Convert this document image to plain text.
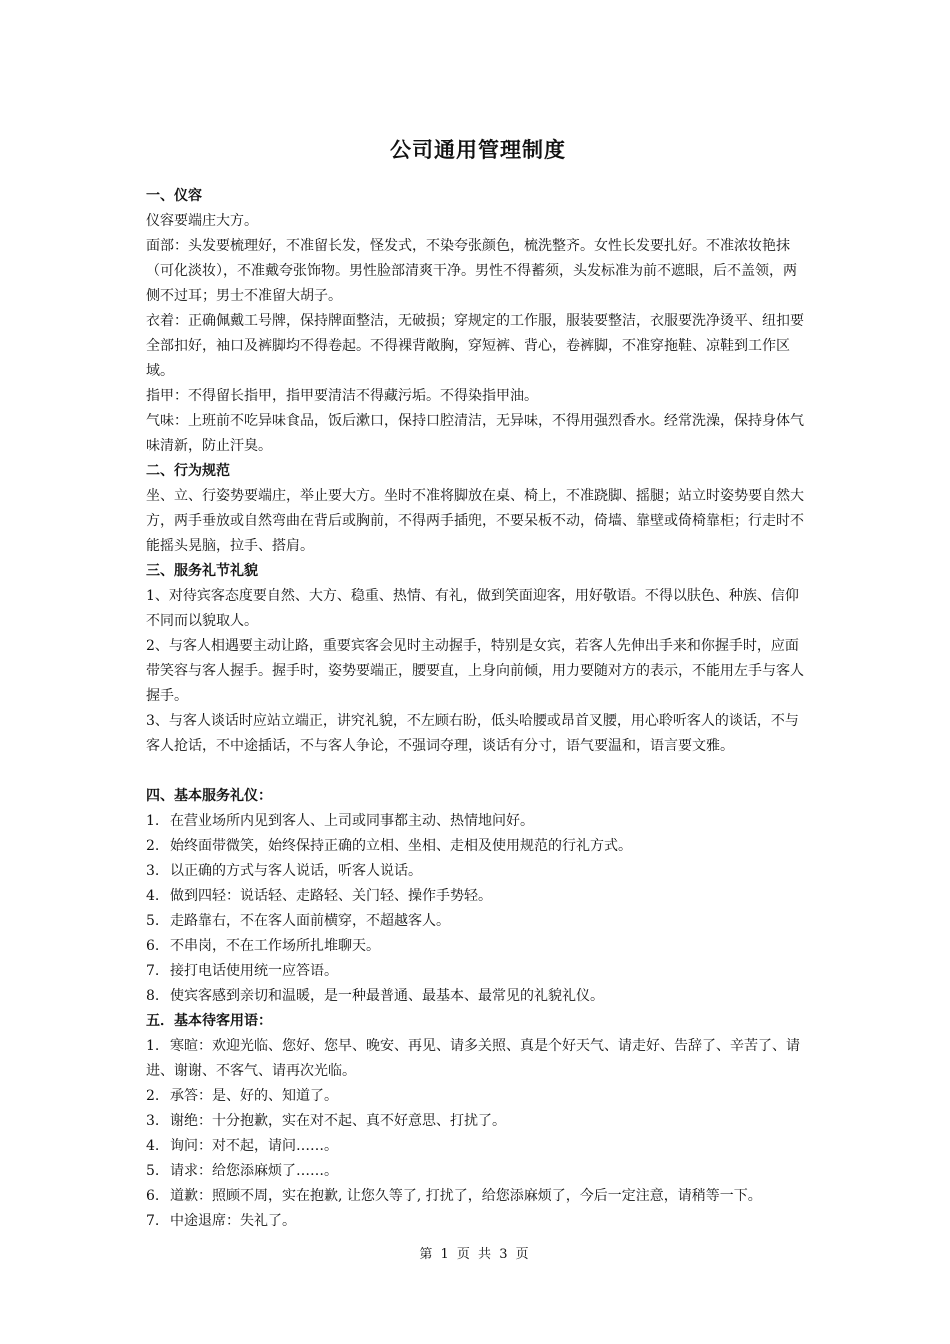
公司通用管理制度

一、仪容

仪容要端庄大方。

面部：头发要梳理好，不准留长发，怪发式，不染夸张颜色，梳洗整齐。女性长发要扎好。不准浓妆艳抹（可化淡妆），不准戴夸张饰物。男性脸部清爽干净。男性不得蓄须，头发标准为前不遮眼，后不盖领，两侧不过耳；男士不准留大胡子。

衣着：正确佩戴工号牌，保持牌面整洁，无破损；穿规定的工作服，服装要整洁，衣服要洗净烫平、纽扣要全部扣好，袖口及裤脚均不得卷起。不得裸背敞胸，穿短裤、背心，卷裤脚，不准穿拖鞋、凉鞋到工作区域。

指甲：不得留长指甲，指甲要清洁不得藏污垢。不得染指甲油。

气味：上班前不吃异味食品，饭后漱口，保持口腔清洁，无异味，不得用强烈香水。经常洗澡，保持身体气味清新，防止汗臭。

二、行为规范

坐、立、行姿势要端庄，举止要大方。坐时不准将脚放在桌、椅上，不准跷脚、摇腿；站立时姿势要自然大方，两手垂放或自然弯曲在背后或胸前，不得两手插兜，不要呆板不动，倚墙、靠壁或倚椅靠柜；行走时不能摇头晃脑，拉手、搭肩。

三、服务礼节礼貌

1、对待宾客态度要自然、大方、稳重、热情、有礼，做到笑面迎客，用好敬语。不得以肤色、种族、信仰不同而以貌取人。

2、与客人相遇要主动让路，重要宾客会见时主动握手，特别是女宾，若客人先伸出手来和你握手时，应面带笑容与客人握手。握手时，姿势要端正，腰要直，上身向前倾，用力要随对方的表示，不能用左手与客人握手。

3、与客人谈话时应站立端正，讲究礼貌，不左顾右盼，低头哈腰或昂首叉腰，用心聆听客人的谈话，不与客人抢话，不中途插话，不与客人争论，不强词夺理，谈话有分寸，语气要温和，语言要文雅。

四、基本服务礼仪：

1. 在营业场所内见到客人、上司或同事都主动、热情地问好。
2. 始终面带微笑，始终保持正确的立相、坐相、走相及使用规范的行礼方式。
3. 以正确的方式与客人说话，听客人说话。
4. 做到四轻：说话轻、走路轻、关门轻、操作手势轻。
5. 走路靠右，不在客人面前横穿，不超越客人。
6. 不串岗，不在工作场所扎堆聊天。
7. 接打电话使用统一应答语。
8. 使宾客感到亲切和温暖，是一种最普通、最基本、最常见的礼貌礼仪。

五．基本待客用语：

1. 寒暄：欢迎光临、您好、您早、晚安、再见、请多关照、真是个好天气、请走好、告辞了、辛苦了、请进、谢谢、不客气、请再次光临。
2. 承答：是、好的、知道了。
3. 谢绝：十分抱歉，实在对不起、真不好意思、打扰了。
4. 询问：对不起，请问……。
5. 请求：给您添麻烦了……。
6. 道歉：照顾不周，实在抱歉, 让您久等了, 打扰了，给您添麻烦了，今后一定注意，请稍等一下。
7. 中途退席：失礼了。
第 1 页 共 3 页
